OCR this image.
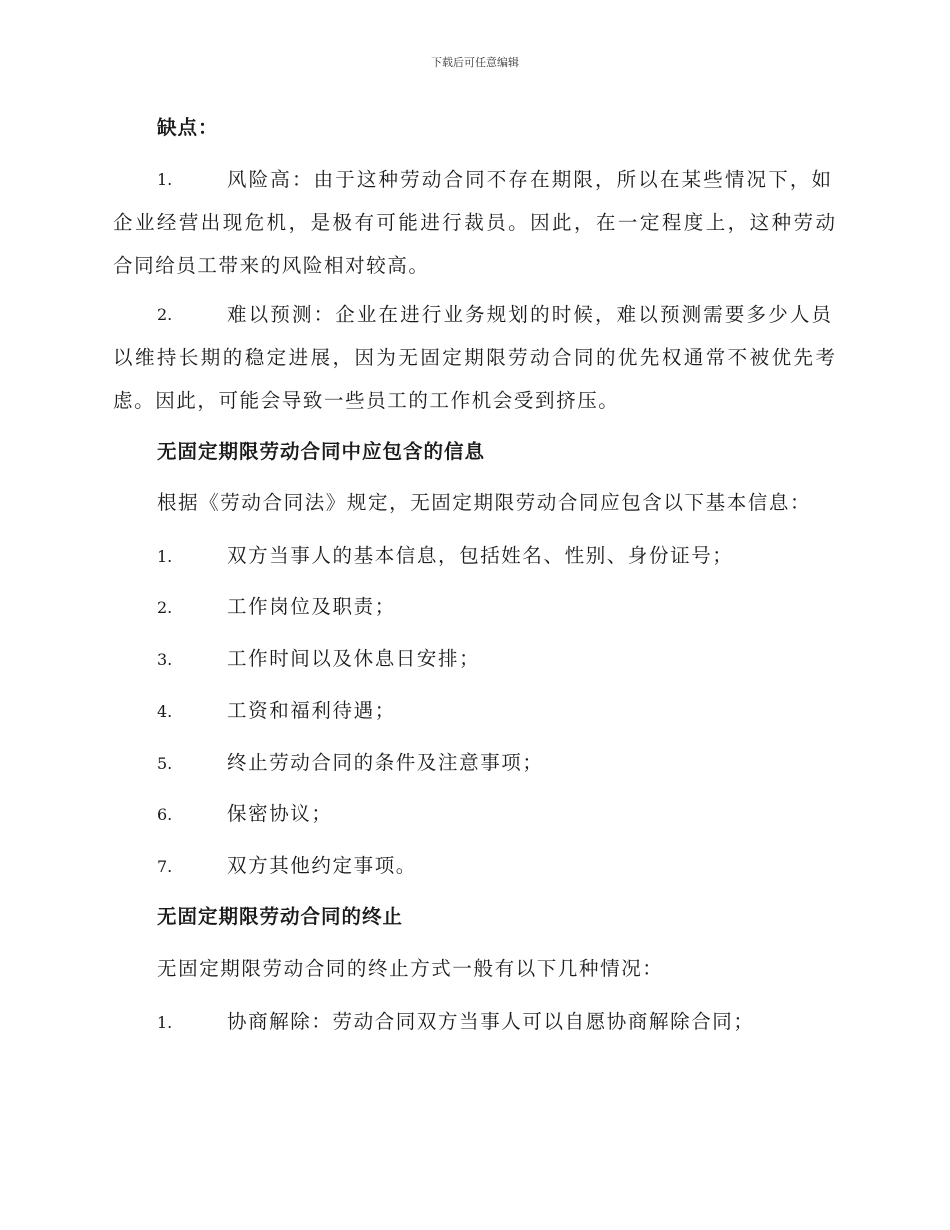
下载后可任意编辑
缺点：
1.	风险高：由于这种劳动合同不存在期限，所以在某些情况下，如
企业经营出现危机，是极有可能进行裁员。因此，在一定程度上，这种劳动
合同给员工带来的风险相对较高。
2.	难以预测：企业在进行业务规划的时候，难以预测需要多少人员
以维持长期的稳定进展，因为无固定期限劳动合同的优先权通常不被优先考
虑。因此，可能会导致一些员工的工作机会受到挤压。
无固定期限劳动合同中应包含的信息
根据《劳动合同法》规定，无固定期限劳动合同应包含以下基本信息：
1.	双方当事人的基本信息，包括姓名、性别、身份证号；
2.	工作岗位及职责；
3.	工作时间以及休息日安排；
4.	工资和福利待遇；
5.	终止劳动合同的条件及注意事项；
6.	保密协议；
7.	双方其他约定事项。
无固定期限劳动合同的终止
无固定期限劳动合同的终止方式一般有以下几种情况：
1.	协商解除：劳动合同双方当事人可以自愿协商解除合同；
